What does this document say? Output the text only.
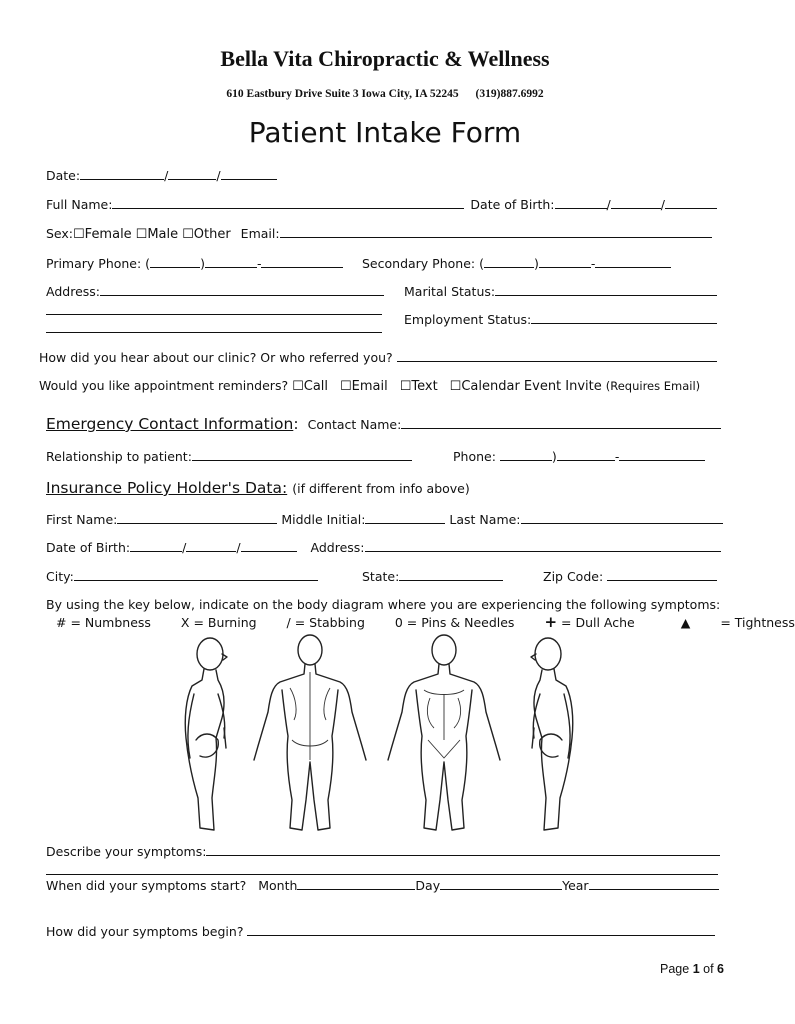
Bella Vita Chiropractic & Wellness
610 Eastbury Drive Suite 3 Iowa City, IA 52245 (319)887.6992
Patient Intake Form
Date:	/	/
Full Name:	Date of Birth:	/	/
Sex:☐Female ☐Male ☐Other Email:
Primary Phone: (	)	-	Secondary Phone: (	)	-
Address:	Marital Status:
Employment Status:
How did you hear about our clinic? Or who referred you?
Would you like appointment reminders? ☐Call ☐Email ☐Text ☐Calendar Event Invite (Requires Email)
Emergency Contact Information: Contact Name:
Relationship to patient:	Phone:	)	-
Insurance Policy Holder's Data: (if different from info above)
First Name:	Middle Initial:	Last Name:
Date of Birth:	/	/	Address:
City:	State:	Zip Code:
By using the key below, indicate on the body diagram where you are experiencing the following symptoms:
# = Numbness X = Burning / = Stabbing 0 = Pins & Needles + = Dull Ache	▲ = Tightness
Describe your symptoms:
When did your symptoms start? Month	Day	Year
How did your symptoms begin?
Page 1 of 6
